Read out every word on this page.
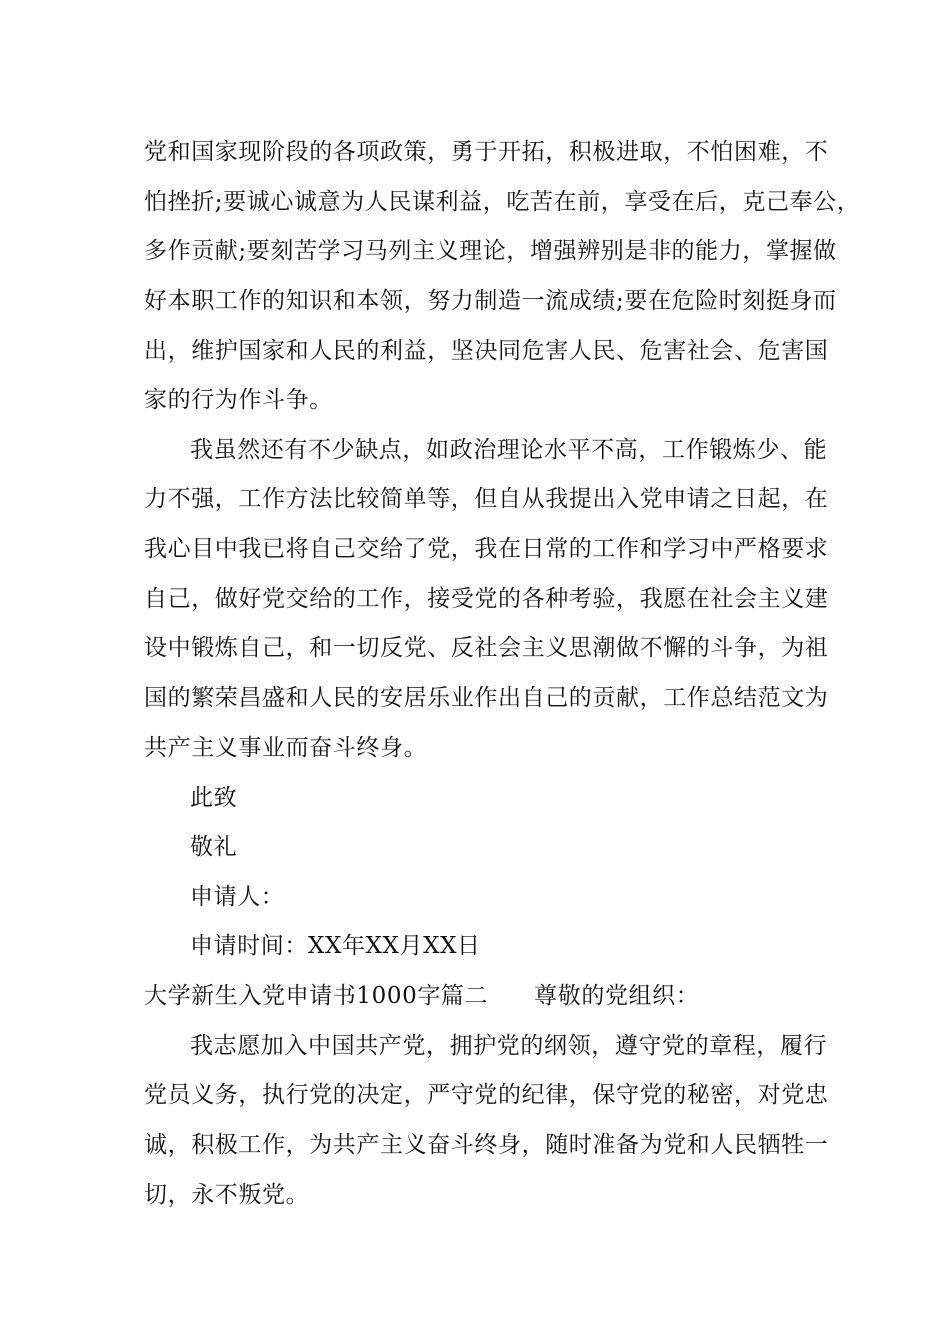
党和国家现阶段的各项政策，勇于开拓，积极进取，不怕困难，不
怕挫折;要诚心诚意为人民谋利益，吃苦在前，享受在后，克己奉公，
多作贡献;要刻苦学习马列主义理论，增强辨别是非的能力，掌握做
好本职工作的知识和本领，努力制造一流成绩;要在危险时刻挺身而
出，维护国家和人民的利益，坚决同危害人民、危害社会、危害国
家的行为作斗争。
我虽然还有不少缺点，如政治理论水平不高，工作锻炼少、能
力不强，工作方法比较简单等，但自从我提出入党申请之日起，在
我心目中我已将自己交给了党，我在日常的工作和学习中严格要求
自己，做好党交给的工作，接受党的各种考验，我愿在社会主义建
设中锻炼自己，和一切反党、反社会主义思潮做不懈的斗争，为祖
国的繁荣昌盛和人民的安居乐业作出自己的贡献，工作总结范文为
共产主义事业而奋斗终身。
此致
敬礼
申请人：
申请时间：XX年XX月XX日
大学新生入党申请书1000字篇二 尊敬的党组织：
我志愿加入中国共产党，拥护党的纲领，遵守党的章程，履行
党员义务，执行党的决定，严守党的纪律，保守党的秘密，对党忠
诚，积极工作，为共产主义奋斗终身，随时准备为党和人民牺牲一
切，永不叛党。
